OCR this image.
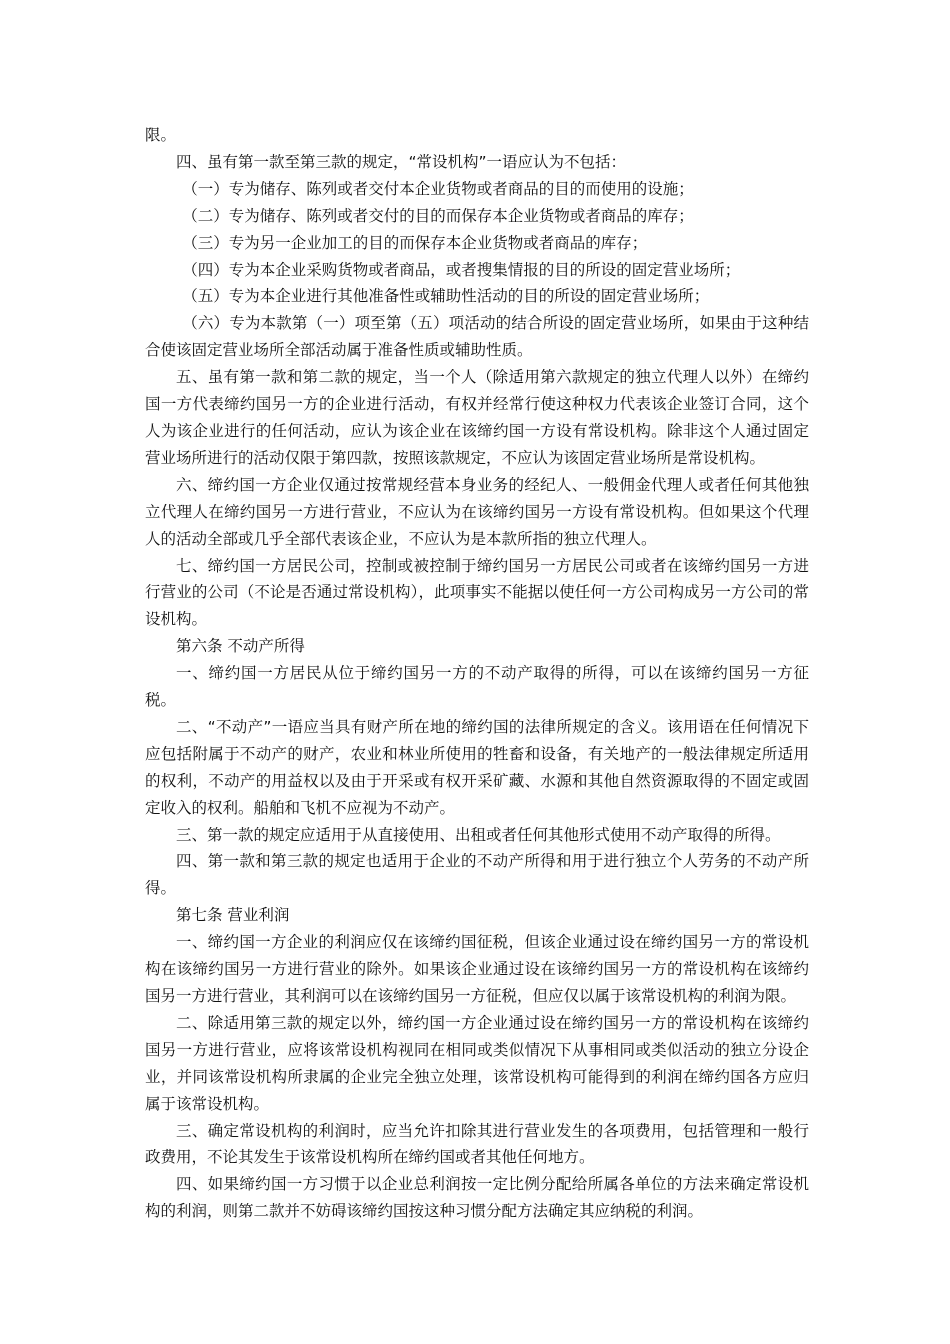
限。

四、虽有第一款至第三款的规定，“常设机构”一语应认为不包括：

（一）专为储存、陈列或者交付本企业货物或者商品的目的而使用的设施；

（二）专为储存、陈列或者交付的目的而保存本企业货物或者商品的库存；

（三）专为另一企业加工的目的而保存本企业货物或者商品的库存；

（四）专为本企业采购货物或者商品，或者搜集情报的目的所设的固定营业场所；

（五）专为本企业进行其他准备性或辅助性活动的目的所设的固定营业场所；

（六）专为本款第（一）项至第（五）项活动的结合所设的固定营业场所，如果由于这种结合使该固定营业场所全部活动属于准备性质或辅助性质。

五、虽有第一款和第二款的规定，当一个人（除适用第六款规定的独立代理人以外）在缔约国一方代表缔约国另一方的企业进行活动，有权并经常行使这种权力代表该企业签订合同，这个人为该企业进行的任何活动，应认为该企业在该缔约国一方设有常设机构。除非这个人通过固定营业场所进行的活动仅限于第四款，按照该款规定，不应认为该固定营业场所是常设机构。

六、缔约国一方企业仅通过按常规经营本身业务的经纪人、一般佣金代理人或者任何其他独立代理人在缔约国另一方进行营业，不应认为在该缔约国另一方设有常设机构。但如果这个代理人的活动全部或几乎全部代表该企业，不应认为是本款所指的独立代理人。

七、缔约国一方居民公司，控制或被控制于缔约国另一方居民公司或者在该缔约国另一方进行营业的公司（不论是否通过常设机构），此项事实不能据以使任何一方公司构成另一方公司的常设机构。

第六条 不动产所得

一、缔约国一方居民从位于缔约国另一方的不动产取得的所得，可以在该缔约国另一方征税。

二、“不动产”一语应当具有财产所在地的缔约国的法律所规定的含义。该用语在任何情况下应包括附属于不动产的财产，农业和林业所使用的牲畜和设备，有关地产的一般法律规定所适用的权利，不动产的用益权以及由于开采或有权开采矿藏、水源和其他自然资源取得的不固定或固定收入的权利。船舶和飞机不应视为不动产。

三、第一款的规定应适用于从直接使用、出租或者任何其他形式使用不动产取得的所得。

四、第一款和第三款的规定也适用于企业的不动产所得和用于进行独立个人劳务的不动产所得。

第七条 营业利润

一、缔约国一方企业的利润应仅在该缔约国征税，但该企业通过设在缔约国另一方的常设机构在该缔约国另一方进行营业的除外。如果该企业通过设在该缔约国另一方的常设机构在该缔约国另一方进行营业，其利润可以在该缔约国另一方征税，但应仅以属于该常设机构的利润为限。

二、除适用第三款的规定以外，缔约国一方企业通过设在缔约国另一方的常设机构在该缔约国另一方进行营业，应将该常设机构视同在相同或类似情况下从事相同或类似活动的独立分设企业，并同该常设机构所隶属的企业完全独立处理，该常设机构可能得到的利润在缔约国各方应归属于该常设机构。

三、确定常设机构的利润时，应当允许扣除其进行营业发生的各项费用，包括管理和一般行政费用，不论其发生于该常设机构所在缔约国或者其他任何地方。

四、如果缔约国一方习惯于以企业总利润按一定比例分配给所属各单位的方法来确定常设机构的利润，则第二款并不妨碍该缔约国按这种习惯分配方法确定其应纳税的利润。
